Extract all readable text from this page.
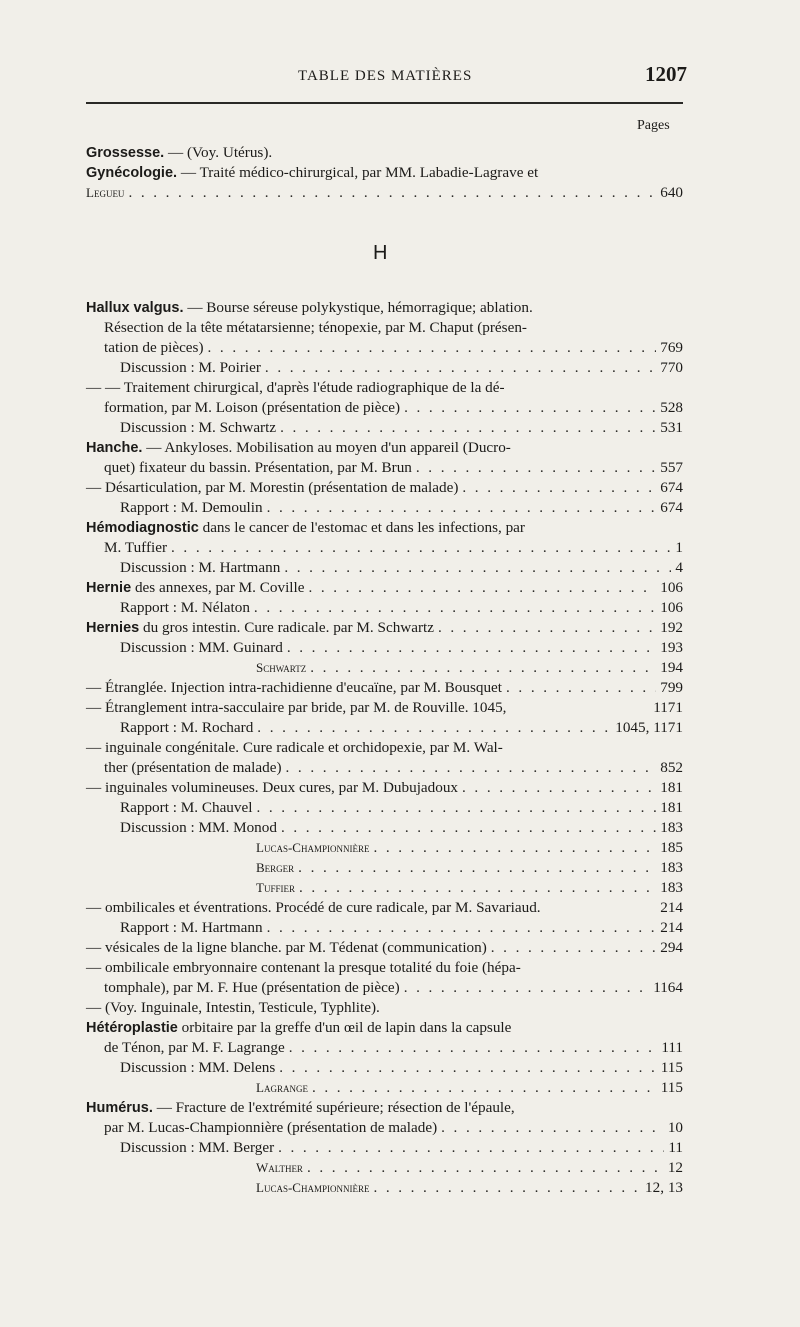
TABLE DES MATIÈRES	1207
Pages
H
Grossesse. — (Voy. Utérus).
Gynécologie. — Traité médico-chirurgical, par MM. Labadie-Lagrave et
Legueu . . .	640
Hallux valgus. — Bourse séreuse polykystique, hémorragique; ablation.
Résection de la tête métatarsienne; ténopexie, par M. Chaput (présen-
tation de pièces) . . .	769
Discussion : M. Poirier . . .	770
— — Traitement chirurgical, d'après l'étude radiographique de la dé-
formation, par M. Loison (présentation de pièce) . . .	528
Discussion : M. Schwartz . . .	531
Hanche. — Ankyloses. Mobilisation au moyen d'un appareil (Ducro-
quet) fixateur du bassin. Présentation, par M. Brun . . .	557
— Désarticulation, par M. Morestin (présentation de malade) . . .	674
Rapport : M. Demoulin . . .	674
Hémodiagnostic dans le cancer de l'estomac et dans les infections, par
M. Tuffier . . .	1
Discussion : M. Hartmann . . .	4
Hernie des annexes, par M. Coville . . .	106
Rapport : M. Nélaton . . .	106
Hernies du gros intestin. Cure radicale. par M. Schwartz . . .	192
Discussion : MM. Guinard . . .	193
Schwartz . . .	194
— Étranglée. Injection intra-rachidienne d'eucaïne, par M. Bousquet . . .	799
— Étranglement intra-sacculaire par bride, par M. de Rouville. 1045,	1171
Rapport : M. Rochard . . .	1045, 1171
— inguinale congénitale. Cure radicale et orchidopexie, par M. Wal-
ther (présentation de malade) . . .	852
— inguinales volumineuses. Deux cures, par M. Dubujadoux . . .	181
Rapport : M. Chauvel . . .	181
Discussion : MM. Monod . . .	183
Lucas-Championnière . . .	185
Berger . . .	183
Tuffier . . .	183
— ombilicales et éventrations. Procédé de cure radicale, par M. Savariaud.	214
Rapport : M. Hartmann . . .	214
— vésicales de la ligne blanche. par M. Tédenat (communication) . . .	294
— ombilicale embryonnaire contenant la presque totalité du foie (hépa-
tomphale), par M. F. Hue (présentation de pièce) . . .	1164
— (Voy. Inguinale, Intestin, Testicule, Typhlite).
Hétéroplastie orbitaire par la greffe d'un œil de lapin dans la capsule
de Ténon, par M. F. Lagrange . . .	111
Discussion : MM. Delens . . .	115
Lagrange . . .	115
Humérus. — Fracture de l'extrémité supérieure; résection de l'épaule,
par M. Lucas-Championnière (présentation de malade) . . .	10
Discussion : MM. Berger . . .	11
Walther . . .	12
Lucas-Championnière . . .	12, 13
